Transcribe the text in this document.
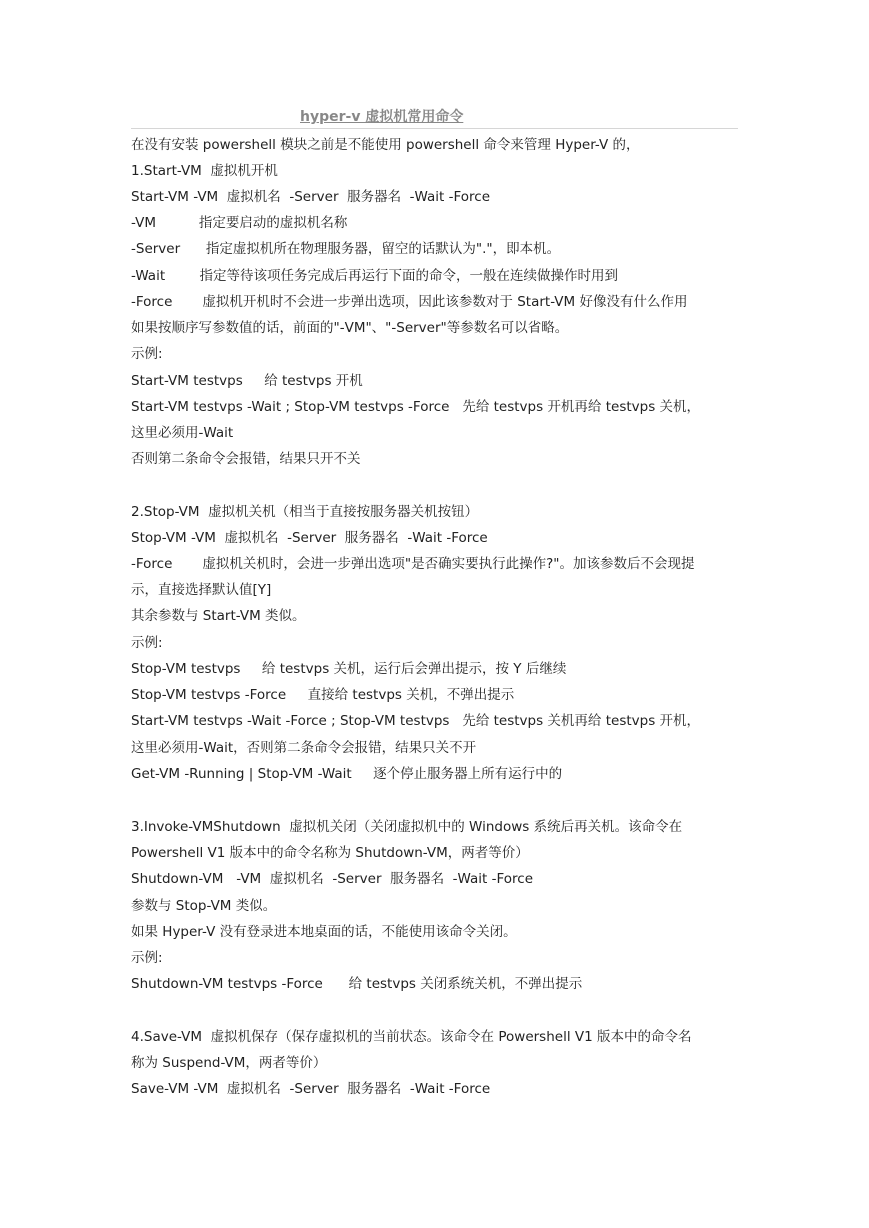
hyper-v 虚拟机常用命令
在没有安装 powershell 模块之前是不能使用 powershell 命令来管理 Hyper-V 的，
1.Start-VM  虚拟机开机
Start-VM -VM  虚拟机名  -Server  服务器名  -Wait -Force
-VM          指定要启动的虚拟机名称
-Server      指定虚拟机所在物理服务器，留空的话默认为"."，即本机。
-Wait        指定等待该项任务完成后再运行下面的命令，一般在连续做操作时用到
-Force       虚拟机开机时不会进一步弹出选项，因此该参数对于 Start-VM 好像没有什么作用
如果按顺序写参数值的话，前面的"-VM"、"-Server"等参数名可以省略。
示例:
Start-VM testvps     给 testvps 开机
Start-VM testvps -Wait ; Stop-VM testvps -Force   先给 testvps 开机再给 testvps 关机，
这里必须用-Wait
否则第二条命令会报错，结果只开不关
2.Stop-VM  虚拟机关机（相当于直接按服务器关机按钮）
Stop-VM -VM  虚拟机名  -Server  服务器名  -Wait -Force
-Force       虚拟机关机时，会进一步弹出选项"是否确实要执行此操作?"。加该参数后不会现提
示，直接选择默认值[Y]
其余参数与 Start-VM 类似。
示例:
Stop-VM testvps     给 testvps 关机，运行后会弹出提示，按 Y 后继续
Stop-VM testvps -Force     直接给 testvps 关机，不弹出提示
Start-VM testvps -Wait -Force ; Stop-VM testvps   先给 testvps 关机再给 testvps 开机，
这里必须用-Wait，否则第二条命令会报错，结果只关不开
Get-VM -Running | Stop-VM -Wait     逐个停止服务器上所有运行中的
3.Invoke-VMShutdown  虚拟机关闭（关闭虚拟机中的 Windows 系统后再关机。该命令在
Powershell V1 版本中的命令名称为 Shutdown-VM，两者等价）
Shutdown-VM   -VM  虚拟机名  -Server  服务器名  -Wait -Force
参数与 Stop-VM 类似。
如果 Hyper-V 没有登录进本地桌面的话，不能使用该命令关闭。
示例:
Shutdown-VM testvps -Force      给 testvps 关闭系统关机，不弹出提示
4.Save-VM  虚拟机保存（保存虚拟机的当前状态。该命令在 Powershell V1 版本中的命令名
称为 Suspend-VM，两者等价）
Save-VM -VM  虚拟机名  -Server  服务器名  -Wait -Force
